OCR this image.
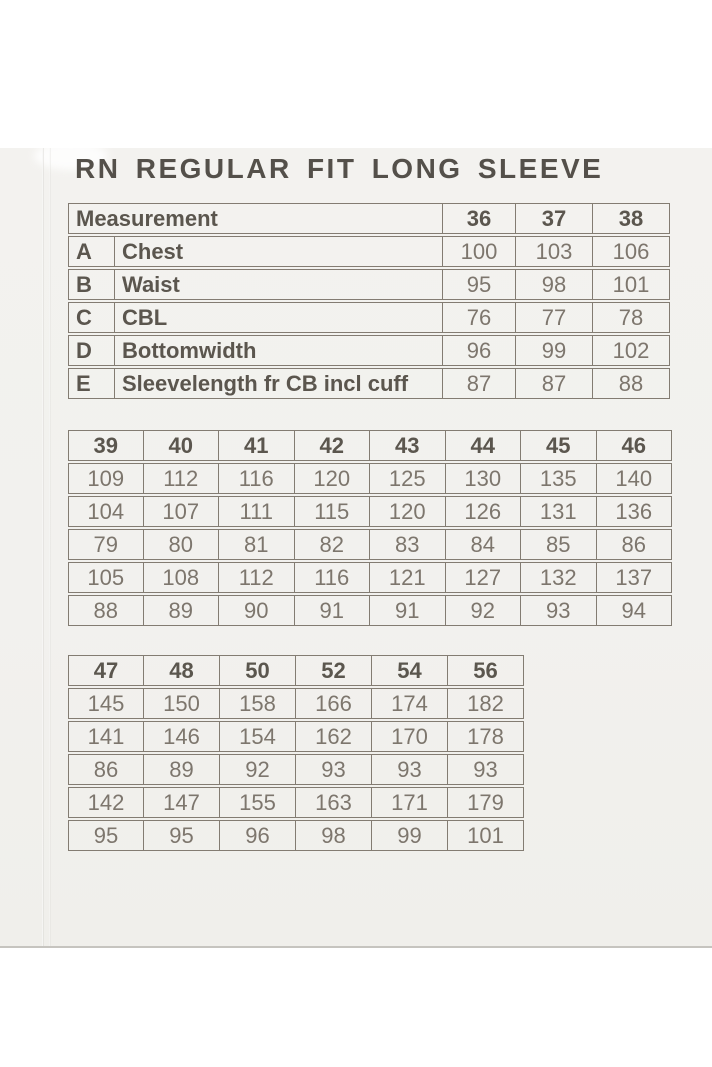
RN REGULAR FIT LONG SLEEVE
Measurement	36	37	38
A	Chest	100	103	106
B	Waist	95	98	101
C	CBL	76	77	78
D	Bottomwidth	96	99	102
E	Sleevelength fr CB incl cuff	87	87	88
39	40	41	42	43	44	45	46
109	112	116	120	125	130	135	140
104	107	111	115	120	126	131	136
79	80	81	82	83	84	85	86
105	108	112	116	121	127	132	137
88	89	90	91	91	92	93	94
47	48	50	52	54	56
145	150	158	166	174	182
141	146	154	162	170	178
86	89	92	93	93	93
142	147	155	163	171	179
95	95	96	98	99	101
